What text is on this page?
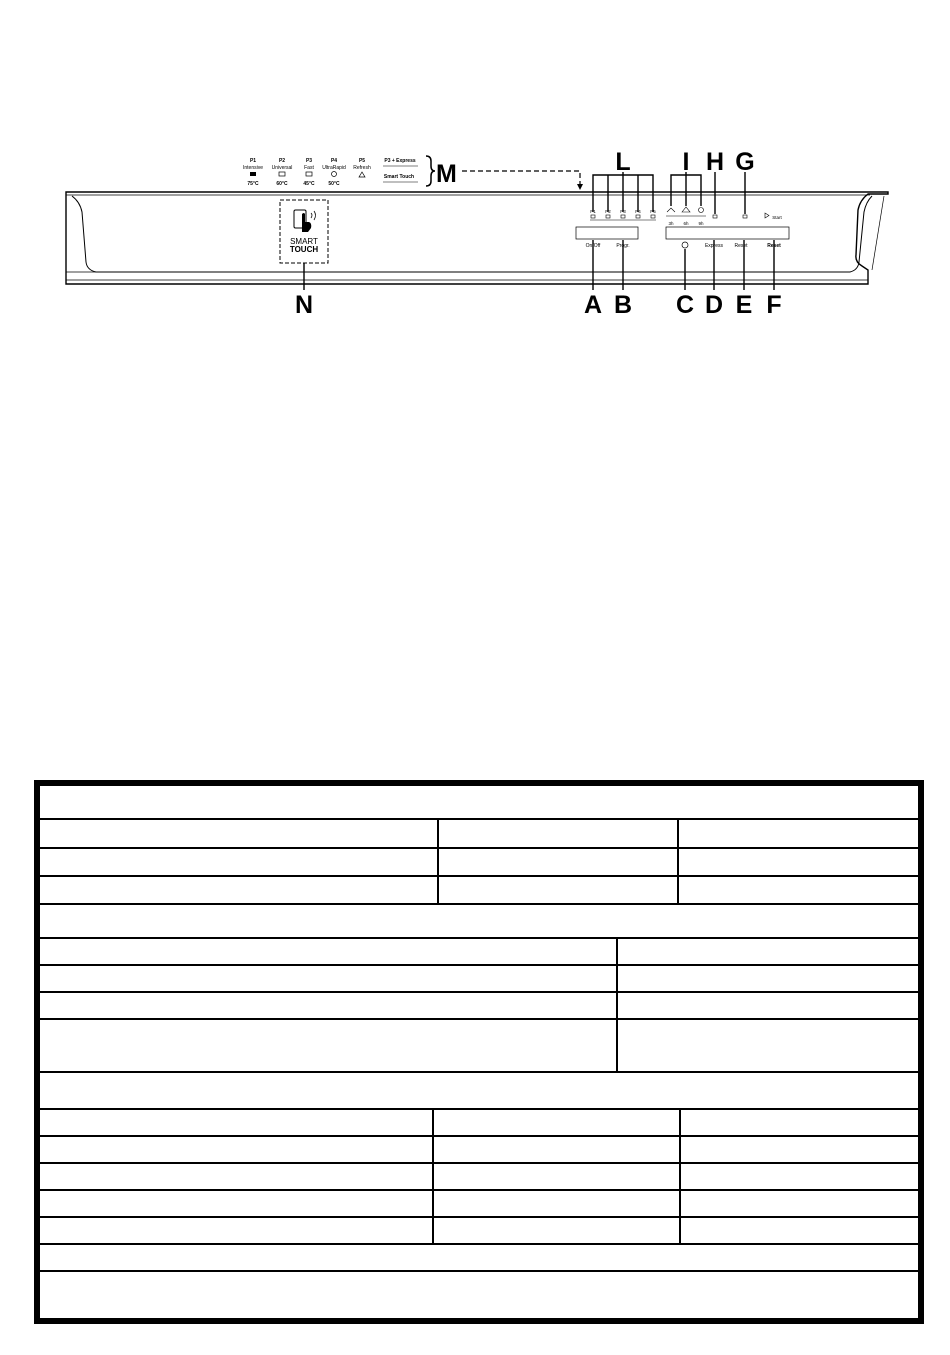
P1
Intensive
75°C
P2
Universal
60°C
P3
Fast
45°C
P4
UltraRapid
50°C
P5
Refresh
P3 + Express
Smart Touch M
SMART
TOUCH
P1 P2 P3 P4 P5
3h 6h 9h
Start
On/Off	Progr.	Express Reset	Reset
L I H G
A B C D E F
N
